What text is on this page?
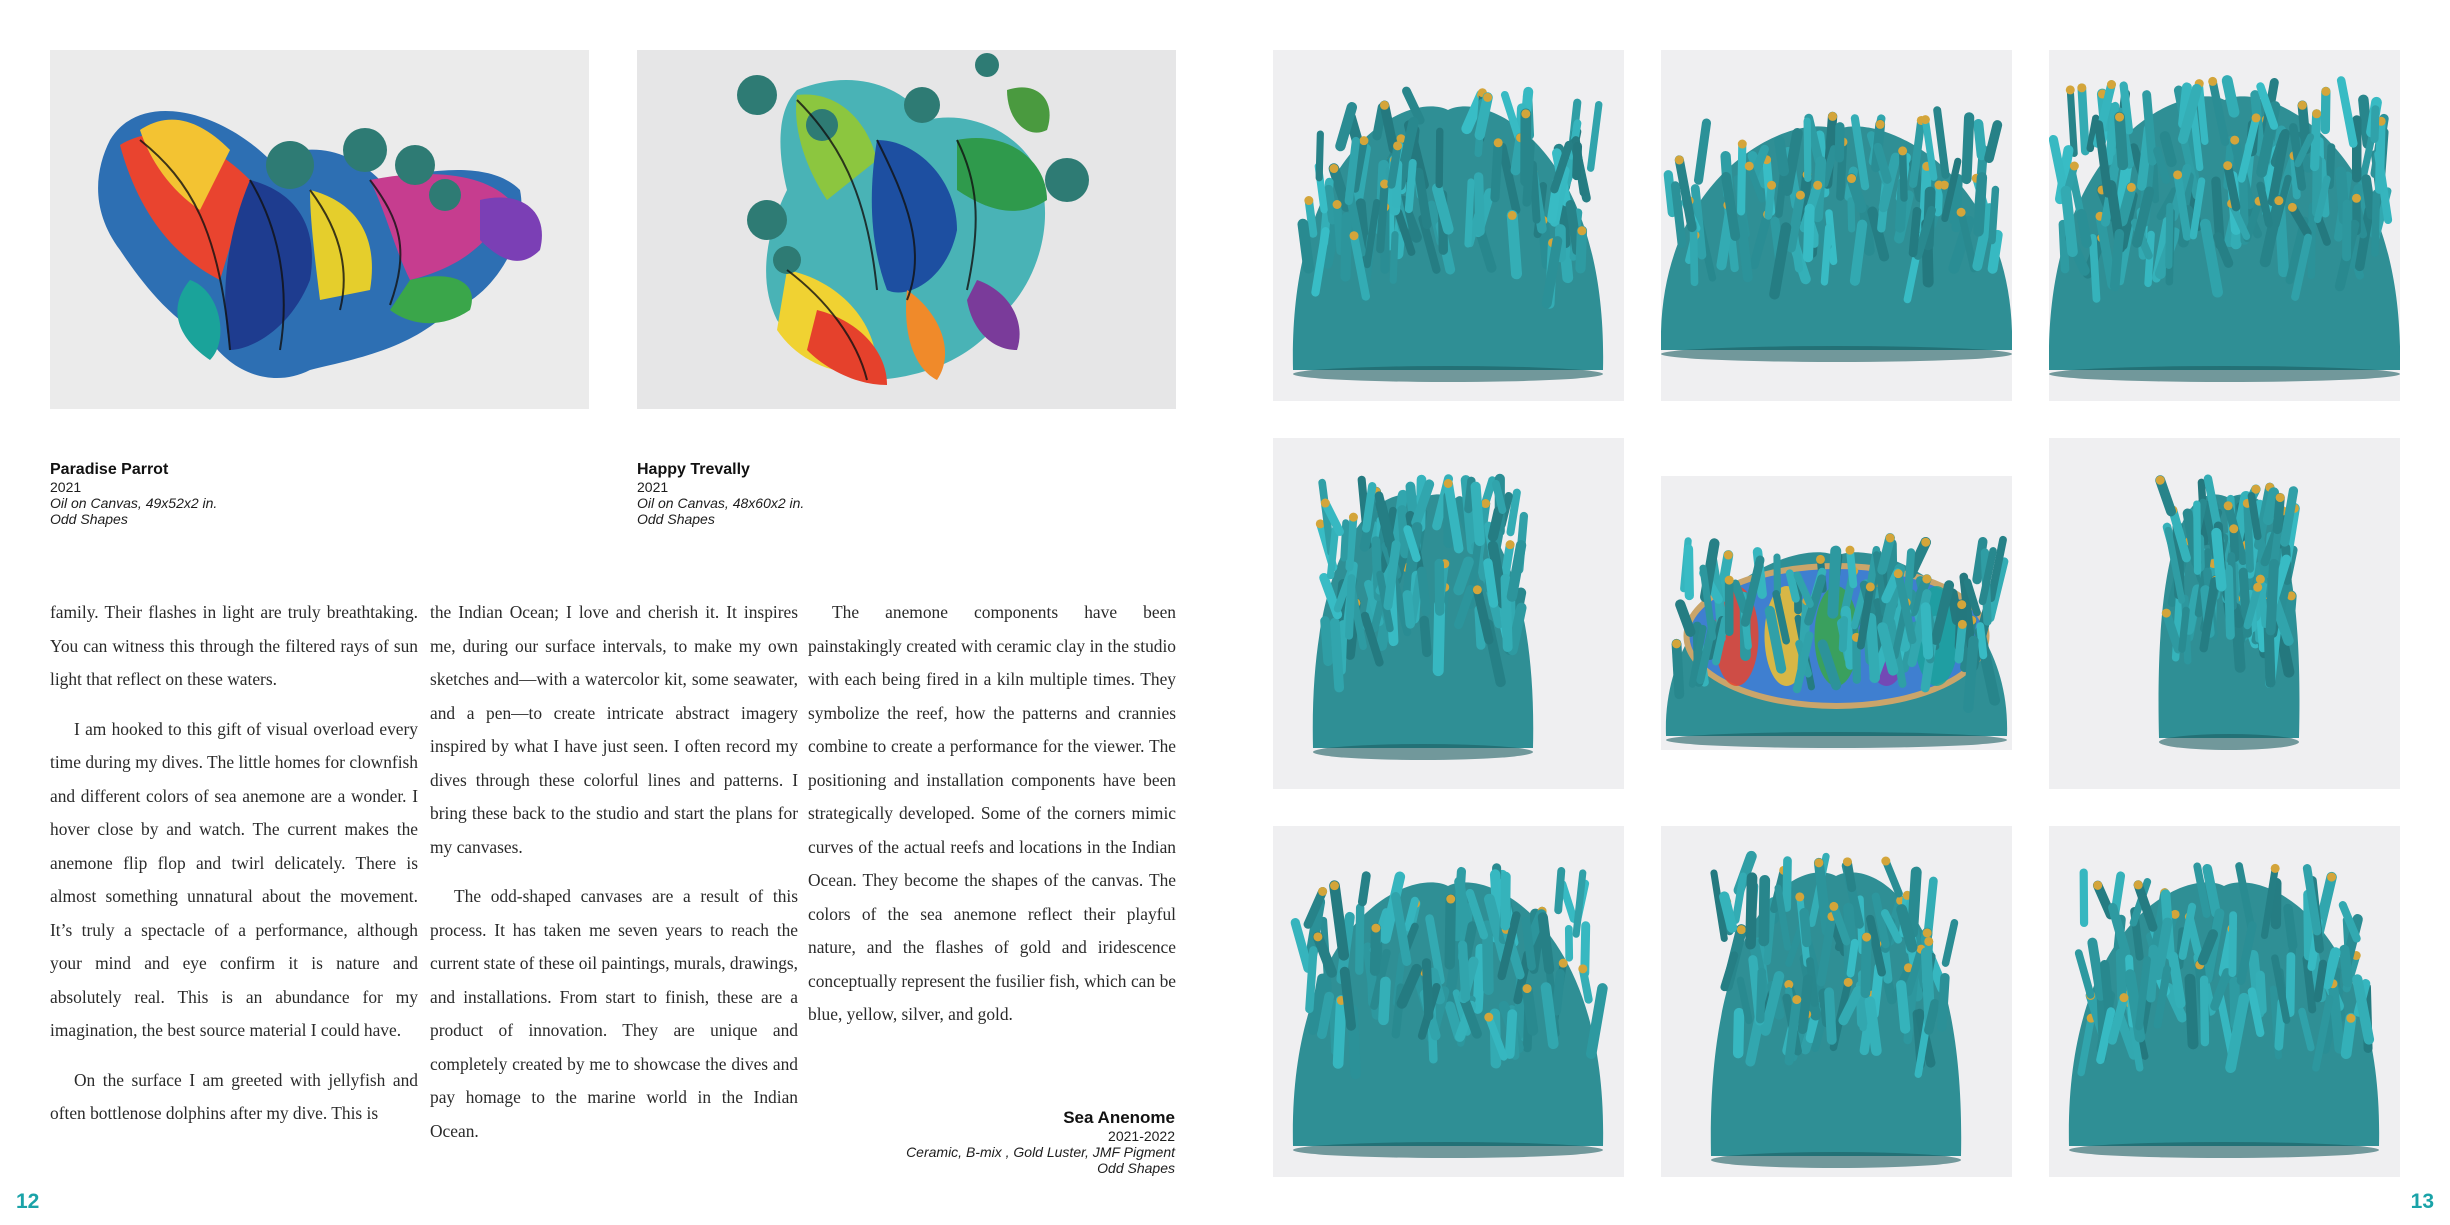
Paradise Parrot
2021
Oil on Canvas, 49x52x2 in.
Odd Shapes
Happy Trevally
2021
Oil on Canvas, 48x60x2 in.
Odd Shapes

family. Their flashes in light are truly breathtaking. You can witness this through the filtered rays of sun light that reflect on these waters.

I am hooked to this gift of visual overload every time during my dives. The little homes for clownfish and different colors of sea anemone are a wonder. I hover close by and watch. The current makes the anemone flip flop and twirl delicately. There is almost something unnatural about the movement. It’s truly a spectacle of a performance, although your mind and eye confirm it is nature and absolutely real. This is an abundance for my imagination, the best source material I could have.

On the surface I am greeted with jellyfish and often bottlenose dolphins after my dive. This is

the Indian Ocean; I love and cherish it. It inspires me, during our surface intervals, to make my own sketches and—with a watercolor kit, some seawater, and a pen—to create intricate abstract imagery inspired by what I have just seen. I often record my dives through these colorful lines and patterns. I bring these back to the studio and start the plans for my canvases.

The odd-shaped canvases are a result of this process. It has taken me seven years to reach the current state of these oil paintings, murals, drawings, and installations. From start to finish, these are a product of innovation. They are unique and completely created by me to showcase the dives and pay homage to the marine world in the Indian Ocean.

The anemone components have been painstakingly created with ceramic clay in the studio with each being fired in a kiln multiple times. They symbolize the reef, how the patterns and crannies combine to create a performance for the viewer. The positioning and installation components have been strategically developed. Some of the corners mimic curves of the actual reefs and locations in the Indian Ocean. They become the shapes of the canvas. The colors of the sea anemone reflect their playful nature, and the flashes of gold and iridescence conceptually represent the fusilier fish, which can be blue, yellow, silver, and gold.

Sea Anenome
2021-2022
Ceramic, B-mix , Gold Luster, JMF Pigment
Odd Shapes
12	13
